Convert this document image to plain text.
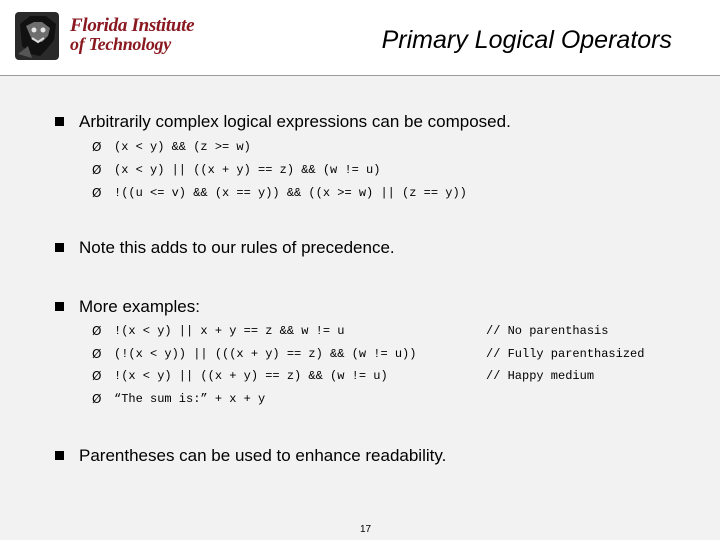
Florida Institute
of Technology	Primary Logical Operators
Arbitrarily complex logical expressions can be composed.

Ø

(x < y) && (z >= w)

Ø

(x < y) || ((x + y) == z) && (w != u)

Ø

!((u <= v) && (x == y)) && ((x >= w) || (z == y))

Note this adds to our rules of precedence.
More examples:

Ø

!(x < y) || x + y == z && w != u	// No parenthasis

Ø

(!(x < y)) || (((x + y) == z) && (w != u))	// Fully parenthasized

Ø

!(x < y) || ((x + y) == z) && (w != u)	// Happy medium

Ø

“The sum is:” + x + y

Parentheses can be used to enhance readability.
17
